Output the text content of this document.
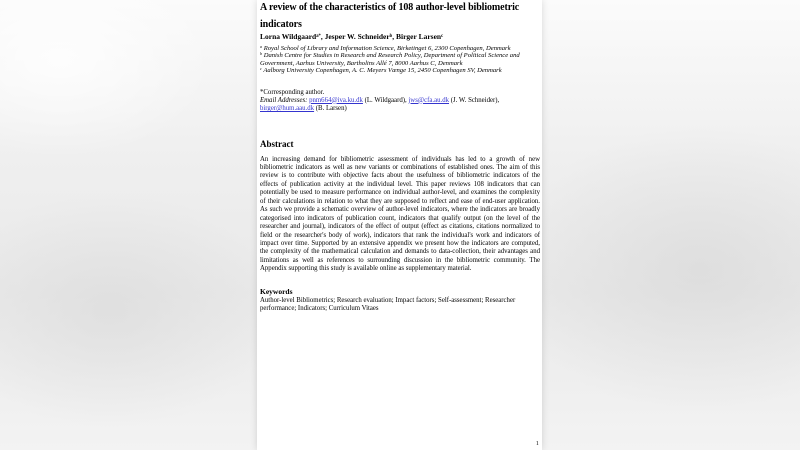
A review of the characteristics of 108 author-level bibliometric
indicators
Lorna Wildgaard$^{a*}$, Jesper W. Schneider$^b$, Birger Larsen$^c$
$^a$ Royal School of Library and Information Science, Birketinget 6, 2300 Copenhagen, Denmark
$^b$ Danish Centre for Studies in Research and Research Policy, Department of Political Science and Government, Aarhus University, Bartholins Allé 7, 8000 Aarhus C, Denmark
$^c$ Aalborg University Copenhagen, A. C. Meyers Vænge 15, 2450 Copenhagen SV, Denmark
*Corresponding author.
Email Addresses: pnm664@iva.ku.dk (L. Wildgaard), jws@cfa.au.dk (J. W. Schneider), birger@hum.aau.dk (B. Larsen)
Abstract
An increasing demand for bibliometric assessment of individuals has led to a growth of new bibliometric indicators as well as new variants or combinations of established ones. The aim of this review is to contribute with objective facts about the usefulness of bibliometric indicators of the effects of publication activity at the individual level. This paper reviews 108 indicators that can potentially be used to measure performance on individual author-level, and examines the complexity of their calculations in relation to what they are supposed to reflect and ease of end-user application. As such we provide a schematic overview of author-level indicators, where the indicators are broadly categorised into indicators of publication count, indicators that qualify output (on the level of the researcher and journal), indicators of the effect of output (effect as citations, citations normalized to field or the researcher's body of work), indicators that rank the individual's work and indicators of impact over time. Supported by an extensive appendix we present how the indicators are computed, the complexity of the mathematical calculation and demands to data-collection, their advantages and limitations as well as references to surrounding discussion in the bibliometric community. The Appendix supporting this study is available online as supplementary material.
Keywords
Author-level Bibliometrics; Research evaluation; Impact factors; Self-assessment; Researcher performance; Indicators; Curriculum Vitaes
1
